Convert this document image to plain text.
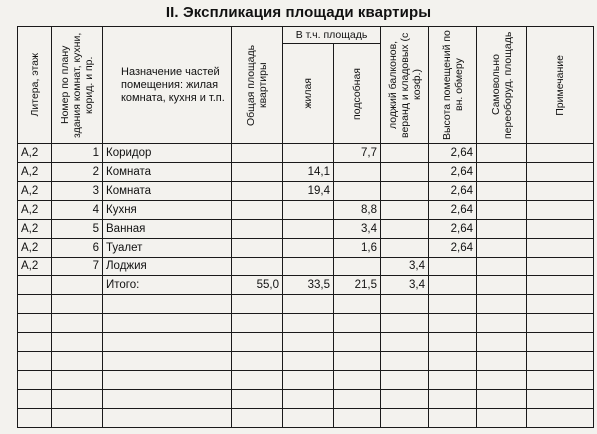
II. Экспликация площади квартиры
Литера, этаж	Номер по плану здания комнат, кухни, корид. и пр.	Назначение частей помещения: жилая комната, кухня и т.п.	Общая площадь квартиры	В т.ч. площадь		лоджий балконов, веранд и кладовых (с коэф.)	Высота помещений по вн. обмеру	Самовольно переоборуд. площадь	Примечание

				жилая	подсобная				

А,2	1	Коридор			7,7		2,64		
А,2	2	Комната		14,1			2,64		
А,2	3	Комната		19,4			2,64		
А,2	4	Кухня			8,8		2,64		
А,2	5	Ванная			3,4		2,64		
А,2	6	Туалет			1,6		2,64		
А,2	7	Лоджия				3,4			
		Итого:	55,0	33,5	21,5	3,4			
